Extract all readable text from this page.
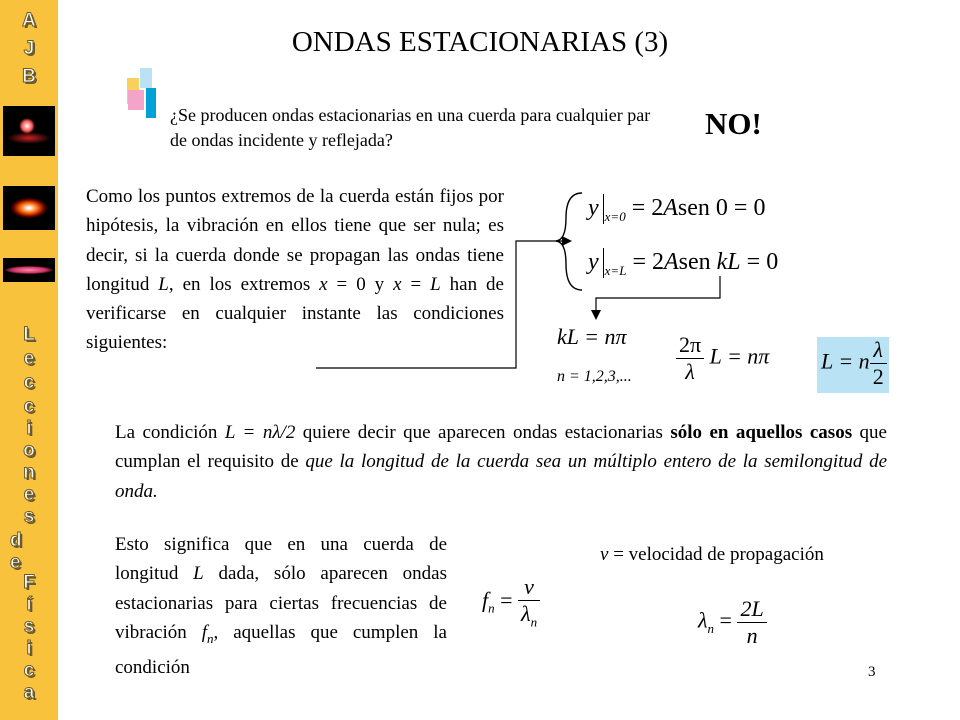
A
J
B
L
e
c
c
i
o
n
e
s
d
e
F
í
s
i
c
a
ONDAS ESTACIONARIAS (3)
¿Se producen ondas estacionarias en una cuerda para cualquier par de ondas incidente y reflejada?	NO!
Como los puntos extremos de la cuerda están fijos por hipótesis, la vibración en ellos tiene que ser nula; es decir, si la cuerda donde se propagan las ondas tiene longitud L, en los extremos x = 0 y x = L han de verificarse en cualquier instante las condiciones siguientes:
y $_{x=0}$ = 2Asen 0 = 0
y $_{x=L}$ = 2Asen kL = 0
kL = nπ
n = 1,2,3,... $\frac{2\pi}{\lambda}$ L = nπ L = n $\frac{\lambda}{2}$
La condición L = nλ/2 quiere decir que aparecen ondas estacionarias sólo en aquellos casos que cumplan el requisito de que la longitud de la cuerda sea un múltiplo entero de la semilongitud de onda.
Esto significa que en una cuerda de longitud L dada, sólo aparecen ondas estacionarias para ciertas frecuencias de vibración $f_n$, aquellas que cumplen la condición
v = velocidad de propagación
$f_n = \frac{v}{\lambda_n}$	$\lambda_n = \frac{2L}{n}$
3
